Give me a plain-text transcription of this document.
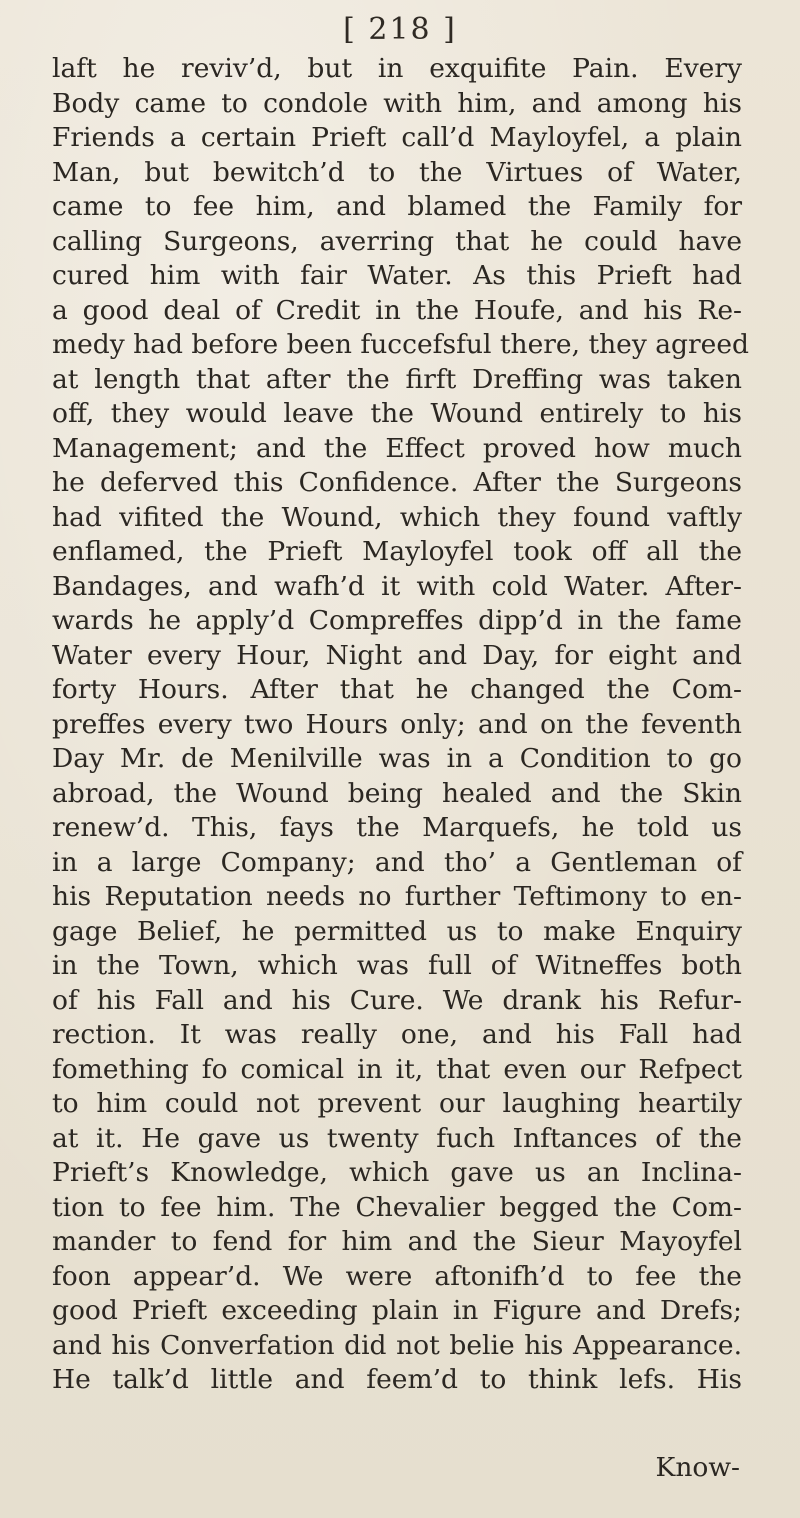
[ 218 ]
laft he reviv’d, but in exquifite Pain. Every
Body came to condole with him, and among his
Friends a certain Prieft call’d Mayloyfel, a plain
Man, but bewitch’d to the Virtues of Water,
came to fee him, and blamed the Family for
calling Surgeons, averring that he could have
cured him with fair Water. As this Prieft had
a good deal of Credit in the Houfe, and his Re-
medy had before been fuccefsful there, they agreed
at length that after the firft Dreffing was taken
off, they would leave the Wound entirely to his
Management; and the Effect proved how much
he deferved this Confidence. After the Surgeons
had vifited the Wound, which they found vaftly
enflamed, the Prieft Mayloyfel took off all the
Bandages, and wafh’d it with cold Water. After-
wards he apply’d Compreffes dipp’d in the fame
Water every Hour, Night and Day, for eight and
forty Hours. After that he changed the Com-
preffes every two Hours only; and on the feventh
Day Mr. de Menilville was in a Condition to go
abroad, the Wound being healed and the Skin
renew’d. This, fays the Marquefs, he told us
in a large Company; and tho’ a Gentleman of
his Reputation needs no further Teftimony to en-
gage Belief, he permitted us to make Enquiry
in the Town, which was full of Witneffes both
of his Fall and his Cure. We drank his Refur-
rection. It was really one, and his Fall had
fomething fo comical in it, that even our Refpect
to him could not prevent our laughing heartily
at it. He gave us twenty fuch Inftances of the
Prieft’s Knowledge, which gave us an Inclina-
tion to fee him. The Chevalier begged the Com-
mander to fend for him and the Sieur Mayoyfel
foon appear’d. We were aftonifh’d to fee the
good Prieft exceeding plain in Figure and Drefs;
and his Converfation did not belie his Appearance.
He talk’d little and feem’d to think lefs. His
Know-
